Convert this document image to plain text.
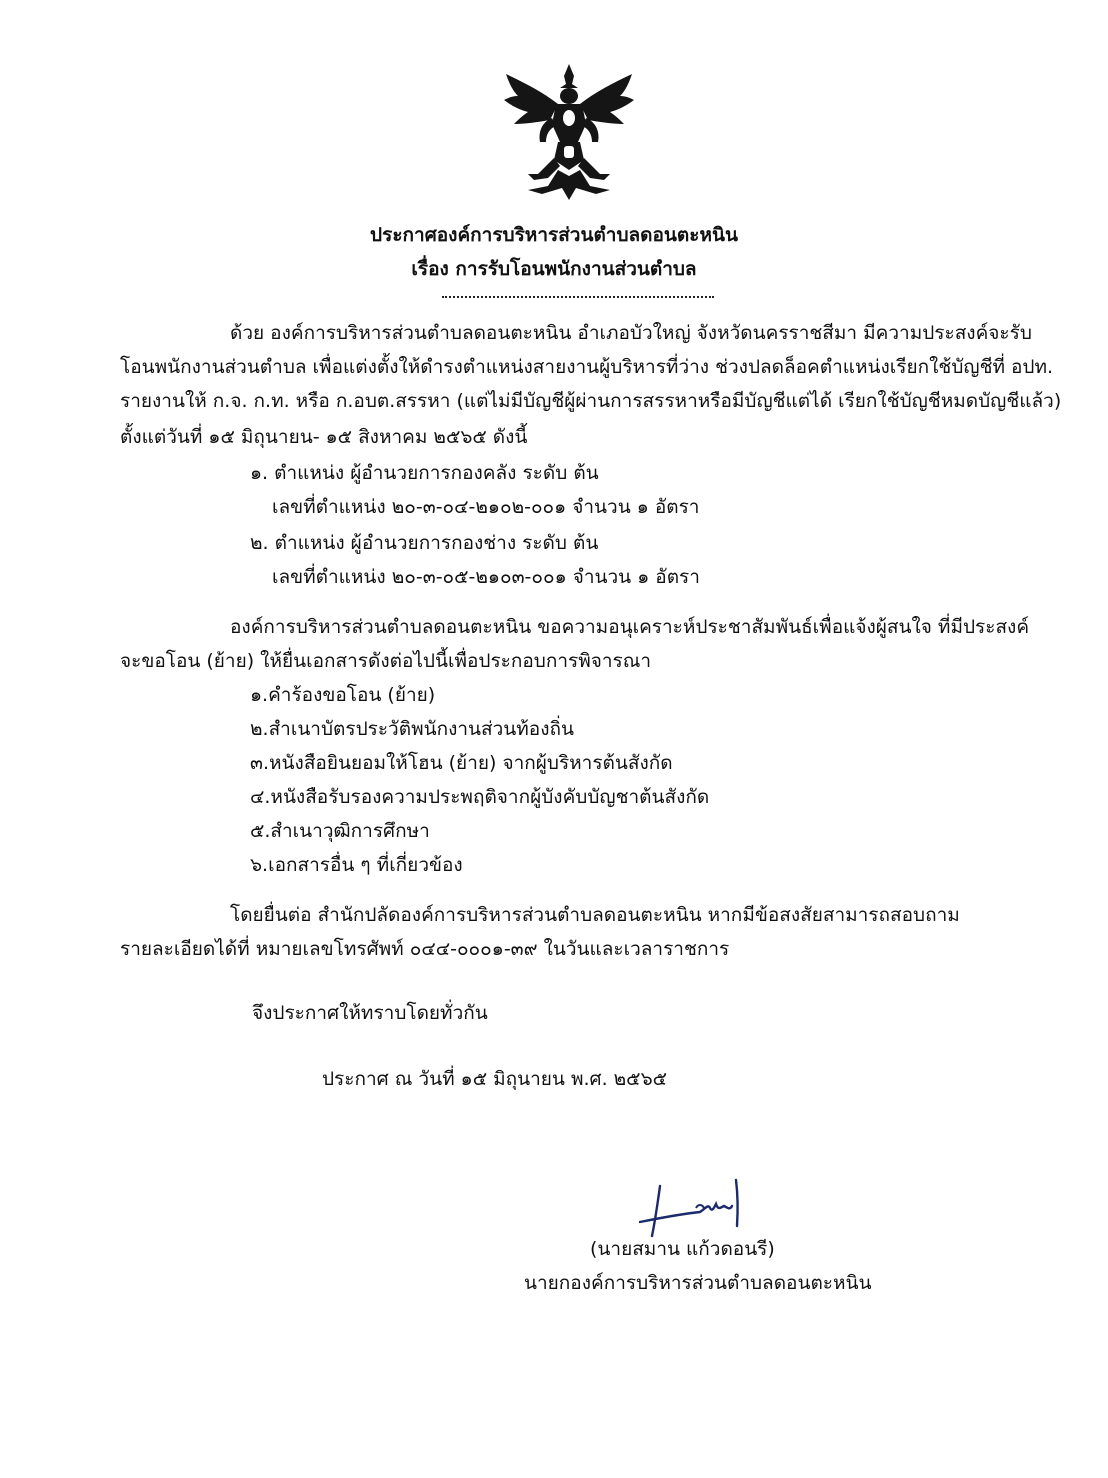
ประกาศองค์การบริหารส่วนตำบลดอนตะหนิน
เรื่อง การรับโอนพนักงานส่วนตำบล
ด้วย องค์การบริหารส่วนตำบลดอนตะหนิน อำเภอบัวใหญ่ จังหวัดนครราชสีมา มีความประสงค์จะรับ
โอนพนักงานส่วนตำบล เพื่อแต่งตั้งให้ดำรงตำแหน่งสายงานผู้บริหารที่ว่าง ช่วงปลดล็อคตำแหน่งเรียกใช้บัญชีที่ อปท.
รายงานให้ ก.จ. ก.ท. หรือ ก.อบต.สรรหา (แต่ไม่มีบัญชีผู้ผ่านการสรรหาหรือมีบัญชีแต่ได้ เรียกใช้บัญชีหมดบัญชีแล้ว)
ตั้งแต่วันที่ ๑๕ มิถุนายน- ๑๕ สิงหาคม ๒๕๖๕ ดังนี้
๑. ตำแหน่ง ผู้อำนวยการกองคลัง ระดับ ต้น
เลขที่ตำแหน่ง ๒๐-๓-๐๔-๒๑๐๒-๐๐๑ จำนวน ๑ อัตรา
๒. ตำแหน่ง ผู้อำนวยการกองช่าง ระดับ ต้น
เลขที่ตำแหน่ง ๒๐-๓-๐๕-๒๑๐๓-๐๐๑ จำนวน ๑ อัตรา
องค์การบริหารส่วนตำบลดอนตะหนิน ขอความอนุเคราะห์ประชาสัมพันธ์เพื่อแจ้งผู้สนใจ ที่มีประสงค์
จะขอโอน (ย้าย) ให้ยื่นเอกสารดังต่อไปนี้เพื่อประกอบการพิจารณา
๑.คำร้องขอโอน (ย้าย)
๒.สำเนาบัตรประวัติพนักงานส่วนท้องถิ่น
๓.หนังสือยินยอมให้โฮน (ย้าย) จากผู้บริหารต้นสังกัด
๔.หนังสือรับรองความประพฤติจากผู้บังคับบัญชาต้นสังกัด
๕.สำเนาวุฒิการศึกษา
๖.เอกสารอื่น ๆ ที่เกี่ยวข้อง
โดยยื่นต่อ สำนักปลัดองค์การบริหารส่วนตำบลดอนตะหนิน หากมีข้อสงสัยสามารถสอบถาม
รายละเอียดได้ที่ หมายเลขโทรศัพท์ ๐๔๔-๐๐๐๑-๓๙ ในวันและเวลาราชการ
จึงประกาศให้ทราบโดยทั่วกัน
ประกาศ ณ วันที่ ๑๕ มิถุนายน พ.ศ. ๒๕๖๕
(นายสมาน แก้วดอนรี)
นายกองค์การบริหารส่วนตำบลดอนตะหนิน
